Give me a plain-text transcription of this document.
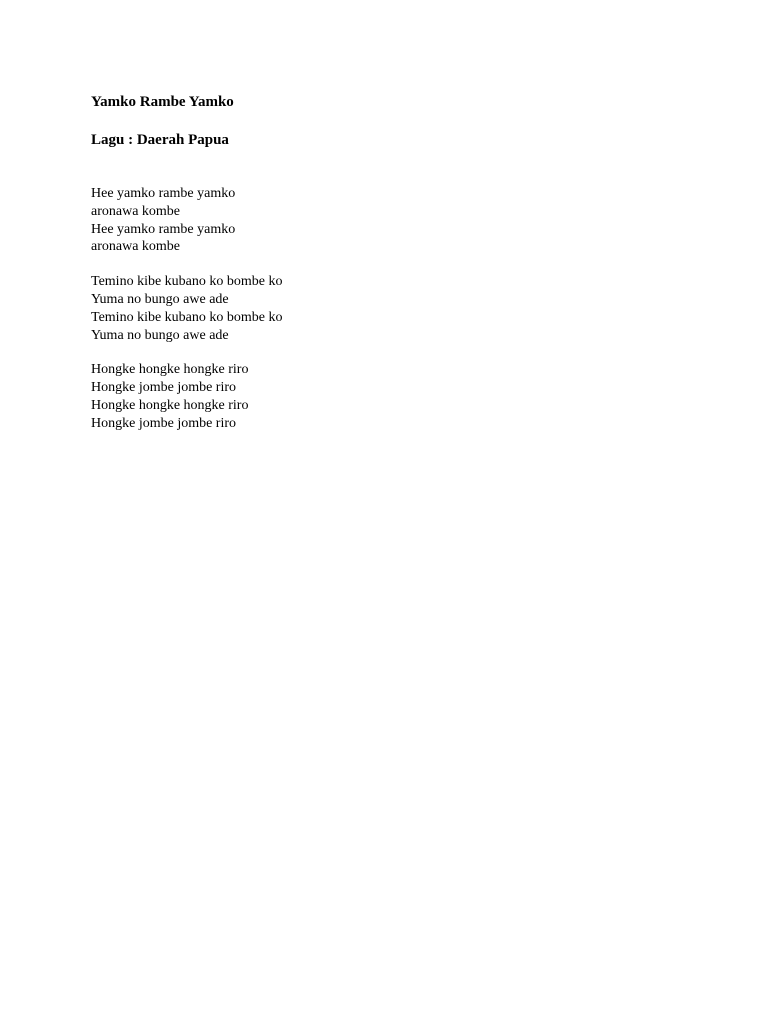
Yamko Rambe Yamko

Lagu : Daerah Papua

Hee yamko rambe yamko

aronawa kombe

Hee yamko rambe yamko

aronawa kombe

Temino kibe kubano ko bombe ko

Yuma no bungo awe ade

Temino kibe kubano ko bombe ko

Yuma no bungo awe ade

Hongke hongke hongke riro

Hongke jombe jombe riro

Hongke hongke hongke riro

Hongke jombe jombe riro
